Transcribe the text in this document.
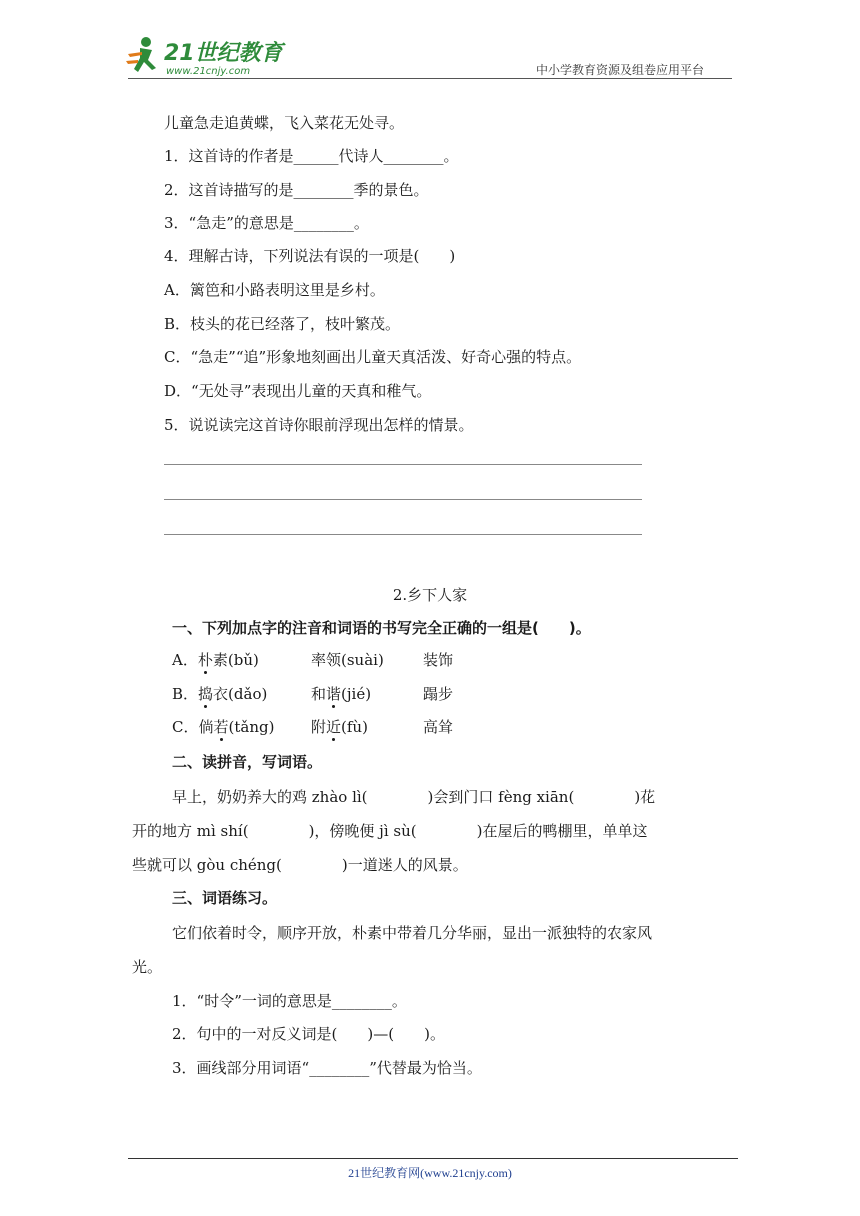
21世纪教育
www.21cnjy.com	中小学教育资源及组卷应用平台
儿童急走追黄蝶，飞入菜花无处寻。
1．这首诗的作者是______代诗人________。
2．这首诗描写的是________季的景色。
3．“急走”的意思是________。
4．理解古诗，下列说法有误的一项是(　　)
A．篱笆和小路表明这里是乡村。
B．枝头的花已经落了，枝叶繁茂。
C．“急走”“追”形象地刻画出儿童天真活泼、好奇心强的特点。
D．“无处寻”表现出儿童的天真和稚气。
5．说说读完这首诗你眼前浮现出怎样的情景。
2.乡下人家
一、下列加点字的注音和词语的书写完全正确的一组是(　　)。
A．朴素(bǔ)	率领(suài)	装饰
B．捣衣(dǎo)	和谐(jié)	蹋步
C．倘若(tǎng) 附近(fù)	高耸
二、读拼音，写词语。
早上，奶奶养大的鸡 zhào lì(　　　　)会到门口 fèng xiān(　　　　)花
开的地方 mì shí(　　　　)，傍晚便 jì sù(　　　　)在屋后的鸭棚里，单单这
些就可以 gòu chéng(　　　　)一道迷人的风景。
三、词语练习。
它们依着时令，顺序开放，朴素中带着几分华丽，显出一派独特的农家风
光。
1．“时令”一词的意思是________。
2．句中的一对反义词是(　　)—(　　)。
3．画线部分用词语“________”代替最为恰当。
21世纪教育网(www.21cnjy.com)
